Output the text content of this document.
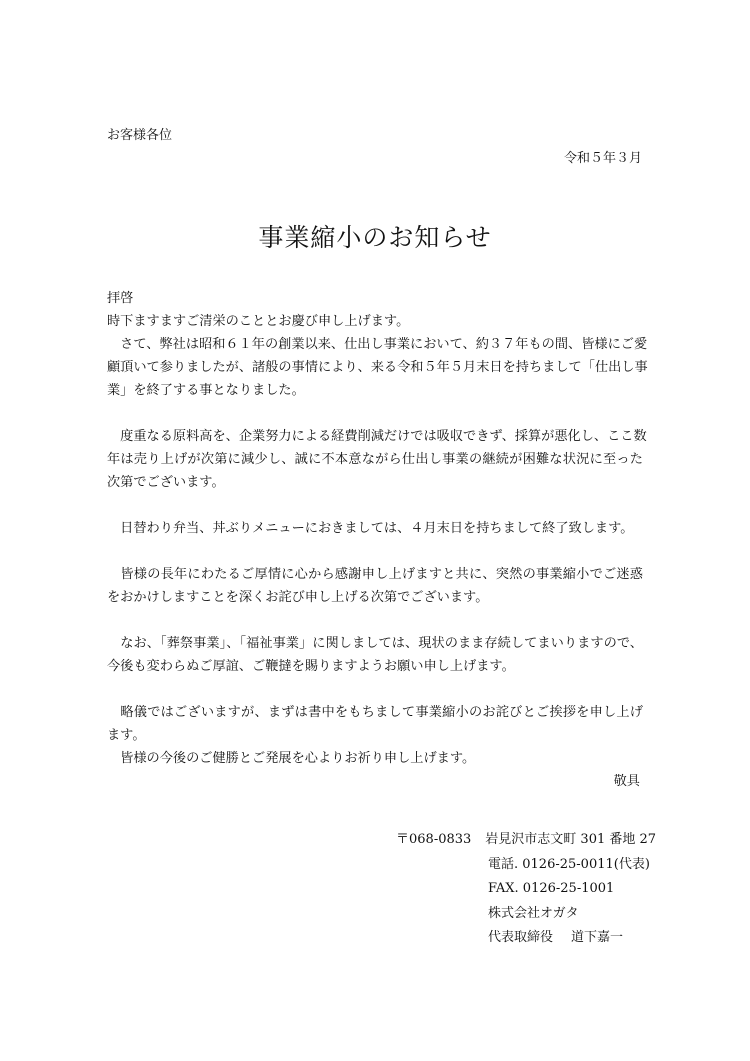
お客様各位
令和５年３月
事業縮小のお知らせ
拝啓
時下ますますご清栄のこととお慶び申し上げます。
　さて、弊社は昭和６１年の創業以来、仕出し事業において、約３７年もの間、皆様にご愛
顧頂いて参りましたが、諸般の事情により、来る令和５年５月末日を持ちまして「仕出し事
業」を終了する事となりました。
　度重なる原料高を、企業努力による経費削減だけでは吸収できず、採算が悪化し、ここ数
年は売り上げが次第に減少し、誠に不本意ながら仕出し事業の継続が困難な状況に至った
次第でございます。
　日替わり弁当、丼ぶりメニューにおきましては、４月末日を持ちまして終了致します。
　皆様の長年にわたるご厚情に心から感謝申し上げますと共に、突然の事業縮小でご迷惑
をおかけしますことを深くお詫び申し上げる次第でございます。
　なお、「葬祭事業」、「福祉事業」に関しましては、現状のまま存続してまいりますので、
今後も変わらぬご厚誼、ご鞭撻を賜りますようお願い申し上げます。
　略儀ではございますが、まずは書中をもちまして事業縮小のお詫びとご挨拶を申し上げ
ます。
　皆様の今後のご健勝とご発展を心よりお祈り申し上げます。
敬具
〒068-0833 岩見沢市志文町 301 番地 27
電話. 0126-25-0011(代表)
FAX. 0126-25-1001
株式会社オガタ
代表取締役 道下嘉一
